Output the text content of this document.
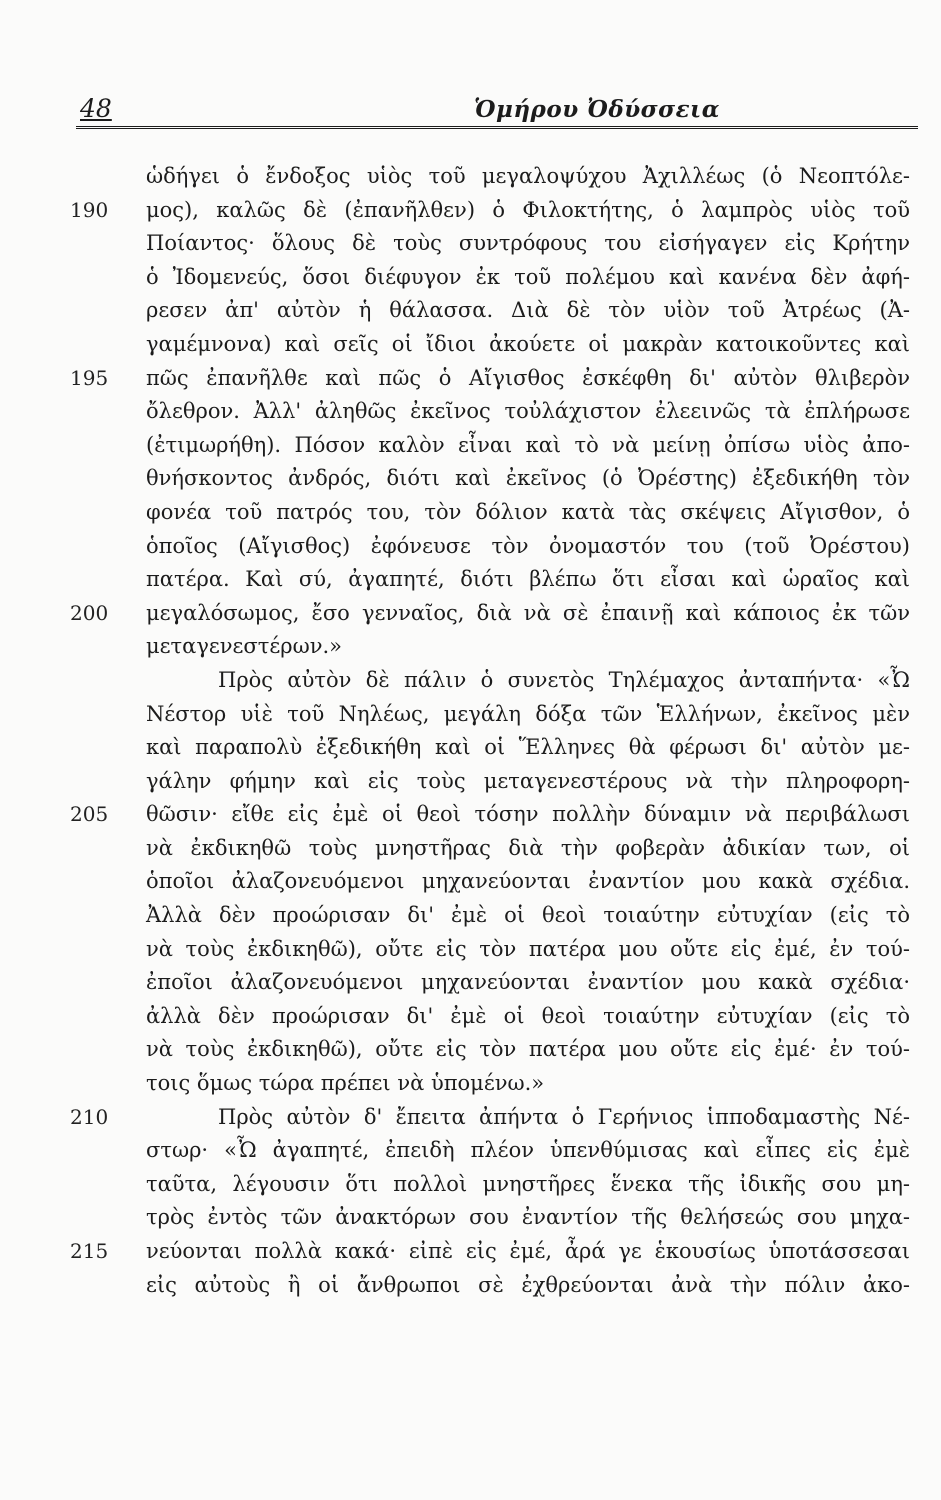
48	Ὁμήρου Ὀδύσσεια
ὡδήγει ὁ ἔνδοξος υἱὸς τοῦ μεγαλοψύχου Ἀχιλλέως (ὁ Νεοπτόλε-
190 μος), καλῶς δὲ (ἐπανῆλθεν) ὁ Φιλοκτήτης, ὁ λαμπρὸς υἱὸς τοῦ
Ποίαντος· ὅλους δὲ τοὺς συντρόφους του εἰσήγαγεν εἰς Κρήτην
ὁ Ἰδομενεύς, ὅσοι διέφυγον ἐκ τοῦ πολέμου καὶ κανένα δὲν ἀφή-
ρεσεν ἀπ' αὐτὸν ἡ θάλασσα. Διὰ δὲ τὸν υἱὸν τοῦ Ἀτρέως (Ἀ-
γαμέμνονα) καὶ σεῖς οἱ ἴδιοι ἀκούετε οἱ μακρὰν κατοικοῦντες καὶ
195 πῶς ἐπανῆλθε καὶ πῶς ὁ Αἴγισθος ἐσκέφθη δι' αὐτὸν θλιβερὸν
ὄλεθρον. Ἀλλ' ἀληθῶς ἐκεῖνος τοὐλάχιστον ἐλεεινῶς τὰ ἐπλήρωσε
(ἐτιμωρήθη). Πόσον καλὸν εἶναι καὶ τὸ νὰ μείνῃ ὀπίσω υἱὸς ἀπο-
θνήσκοντος ἀνδρός, διότι καὶ ἐκεῖνος (ὁ Ὀρέστης) ἐξεδικήθη τὸν
φονέα τοῦ πατρός του, τὸν δόλιον κατὰ τὰς σκέψεις Αἴγισθον, ὁ
ὁποῖος (Αἴγισθος) ἐφόνευσε τὸν ὀνομαστόν του (τοῦ Ὀρέστου)
πατέρα. Καὶ σύ, ἀγαπητέ, διότι βλέπω ὅτι εἶσαι καὶ ὡραῖος καὶ
200 μεγαλόσωμος, ἔσο γενναῖος, διὰ νὰ σὲ ἐπαινῇ καὶ κάποιος ἐκ τῶν
μεταγενεστέρων.»
Πρὸς αὐτὸν δὲ πάλιν ὁ συνετὸς Τηλέμαχος ἀνταπήντα· «Ὦ
Νέστορ υἱὲ τοῦ Νηλέως, μεγάλη δόξα τῶν Ἑλλήνων, ἐκεῖνος μὲν
καὶ παραπολὺ ἐξεδικήθη καὶ οἱ Ἕλληνες θὰ φέρωσι δι' αὐτὸν με-
γάλην φήμην καὶ εἰς τοὺς μεταγενεστέρους νὰ τὴν πληροφορη-
205 θῶσιν· εἴθε εἰς ἐμὲ οἱ θεοὶ τόσην πολλὴν δύναμιν νὰ περιβάλωσι
νὰ ἐκδικηθῶ τοὺς μνηστῆρας διὰ τὴν φοβερὰν ἀδικίαν των, οἱ
ὁποῖοι ἀλαζονευόμενοι μηχανεύονται ἐναντίον μου κακὰ σχέδια.
Ἀλλὰ δὲν προώρισαν δι' ἐμὲ οἱ θεοὶ τοιαύτην εὐτυχίαν (εἰς τὸ
νὰ τοὺς ἐκδικηθῶ), οὔτε εἰς τὸν πατέρα μου οὔτε εἰς ἐμέ, ἐν τού-
ἐποῖοι ἀλαζονευόμενοι μηχανεύονται ἐναντίον μου κακὰ σχέδια·
ἀλλὰ δὲν προώρισαν δι' ἐμὲ οἱ θεοὶ τοιαύτην εὐτυχίαν (εἰς τὸ
νὰ τοὺς ἐκδικηθῶ), οὔτε εἰς τὸν πατέρα μου οὔτε εἰς ἐμέ· ἐν τού-
τοις ὅμως τώρα πρέπει νὰ ὑπομένω.»
210	Πρὸς αὐτὸν δ' ἔπειτα ἀπήντα ὁ Γερήνιος ἱπποδαμαστὴς Νέ-
στωρ· «Ὦ ἀγαπητέ, ἐπειδὴ πλέον ὑπενθύμισας καὶ εἶπες εἰς ἐμὲ
ταῦτα, λέγουσιν ὅτι πολλοὶ μνηστῆρες ἕνεκα τῆς ἰδικῆς σου μη-
τρὸς ἐντὸς τῶν ἀνακτόρων σου ἐναντίον τῆς θελήσεώς σου μηχα-
215 νεύονται πολλὰ κακά· εἰπὲ εἰς ἐμέ, ἆρά γε ἑκουσίως ὑποτάσσεσαι
εἰς αὐτοὺς ἢ οἱ ἄνθρωποι σὲ ἐχθρεύονται ἀνὰ τὴν πόλιν ἀκο-
